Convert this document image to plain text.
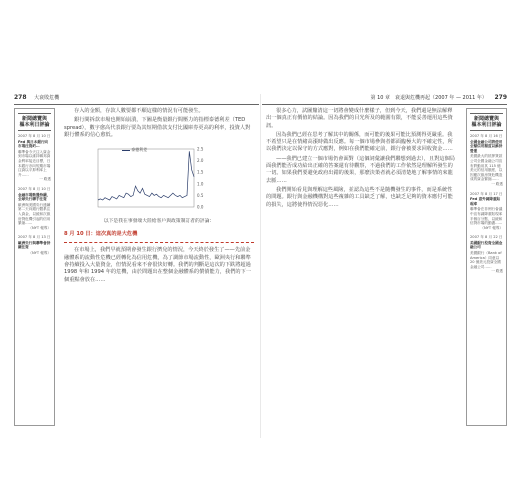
278 大衰敗危機
新聞總覽與
樞本利日評論
2007 年 8 月 10 日
Fed 與日本銀行向市場注資約…
聯準會今天注入資金到市場以維持聯邦資金利率接近目標，日本銀行亦向短期市場注資以平抑利率上升……
一 路透
2007 年 8 月 10 日
金融市場動盪持續，全球央行聯手注資
歐洲與美國央行連續第二天向銀行體系注入資金，以緩和次級房貸危機引起的信用緊縮……
（NYT 報導）
2007 年 8 月 13 日
歐洲央行與聯準會持續注資
（NYT 報導）

存入的金額，存款人數要都不願這樣的情況有可能發生。

銀行間拆款市場也開始崩潰，下圖是衡量銀行間壓力的指標泰德利差（TED spread），數字愈高代表銀行要為其短期借款支付比國庫券更高的利率，投資人對銀行體系的信心愈低。

2.5
2.0
1.5
1.0
0.5
0.0
泰德利差
以下是我在事發端大陸給客戶與政策制訂者的評論：
8 月 10 日：這次真的是大危機

在市場上，我們早就預期會發生銀行擠兌的情況，今天終於發生了——先前金融體系的流動性危機已經轉化為信用危機，為了調節市場流動性，歐洲央行和聯準會持續投入大量資金，但情況看來不會很快好轉。我們的判斷是這次的下跌將超過 1998 年和 1994 年的危機，由於問題出在整個金融體系的償債能力，我們的下一個重點會放在……

第 10 章　衰退與危機再起（2007 年 — 2011 年） 279

很多心力，試圖釐清這一切將會變成什麼樣子，但到今天，我們還是無法解釋出一個真正有價值的結論。因為我們的目光所及的範圍有限，不能妥善運用這些資訊。

因為我們已經在思考了解其中的關係，而可能的後果可能比預測得更嚴重。我不希望只是在情緒高漲時做出反應。每一個市場參與者都面臨極大的不確定性，所以我們決定以保守的方式應對，例如在我們能確定前，銀行會被要求回收資金……

——我們已建立一個市場仍會面對（這個詞彙讓我們聯想到過去），且對這個局面我們能否成功給出正確的答案還有待觀察，不過我們的工作依然是理解所發生的一切。如果我們要避免政府出錯的後果，那麼決策者就必須清楚地了解事情的來龍去脈……

我們開始看見與理解這些風險，並認為這些不是隨機發生的事件，而是系統性的問題。銀行與金融機構對這些複雜的工具缺乏了解，也缺乏足夠的資本應付可能的損失，這將使得情況惡化……

新聞總覽與
樞本利日評論
2007 年 8 月 16 日
全國金融公司將使用全額信用額度以維持營運
美國最大的抵押貸款公司全國金融公司宣布將動用其 115 億美元的信用額度，以因應次級房貸危機造成的資金緊縮……
一 路透
2007 年 8 月 17 日
Fed 意外調降重貼現率
聯準會在非例行會議中宣布調降重貼現率半個百分點，以緩和信貸市場的動盪……
（NYT 報導）
2007 年 8 月 22 日
美國銀行投資全國金融公司
美國銀行（Bank of America）同意以 20 億美元投資全國金融公司……
一 路透
